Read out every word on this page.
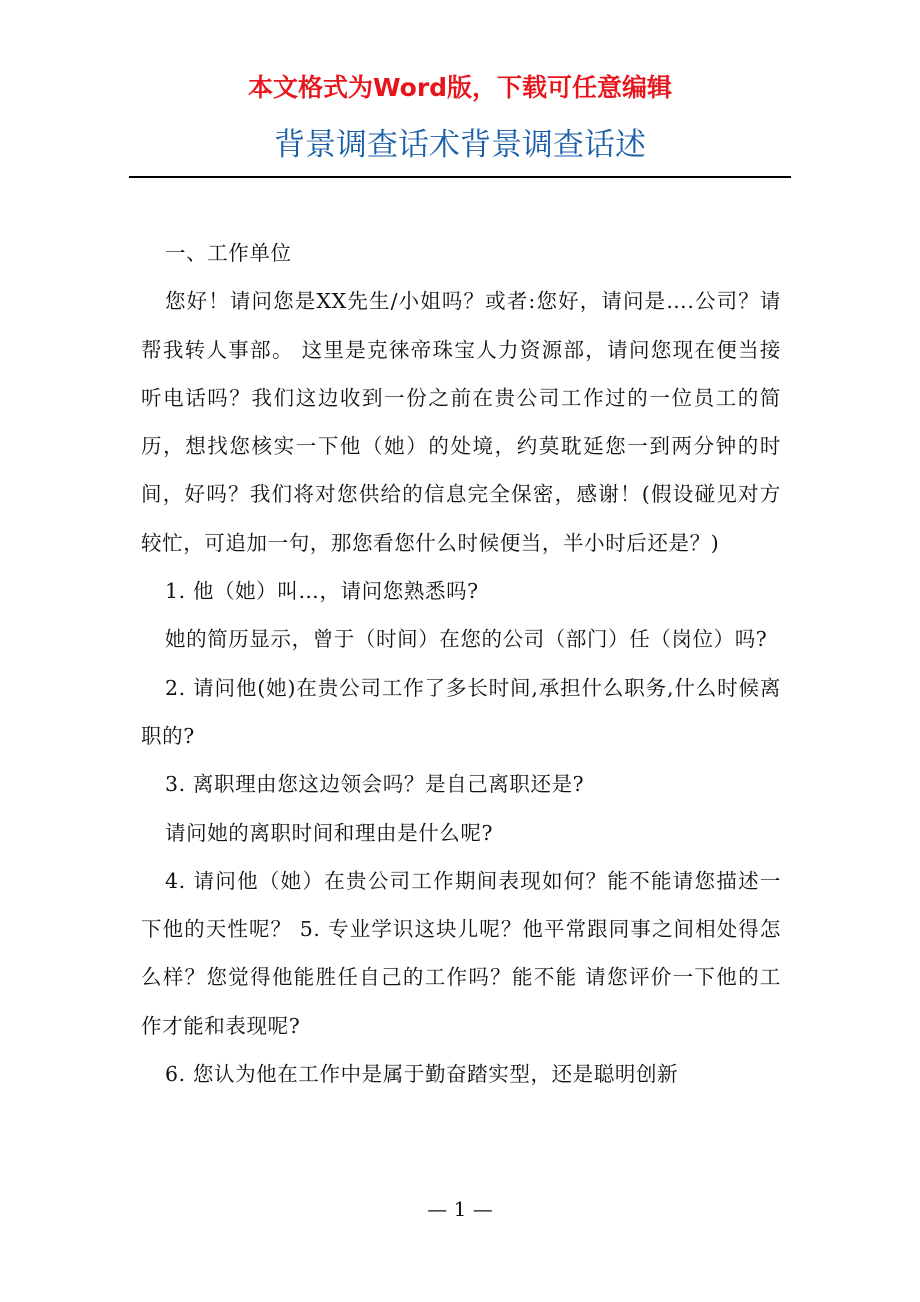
本文格式为Word版，下载可任意编辑
背景调查话术背景调查话述

一、工作单位

您好！请问您是XX先生/小姐吗？或者:您好，请问是….公司？请帮我转人事部。 这里是克徕帝珠宝人力资源部，请问您现在便当接听电话吗？我们这边收到一份之前在贵公司工作过的一位员工的简历，想找您核实一下他（她）的处境，约莫耽延您一到两分钟的时间，好吗？我们将对您供给的信息完全保密，感谢！(假设碰见对方较忙，可追加一句，那您看您什么时候便当，半小时后还是？)

1. 他（她）叫…，请问您熟悉吗?

她的简历显示，曾于（时间）在您的公司（部门）任（岗位）吗?

2. 请问他(她)在贵公司工作了多长时间,承担什么职务,什么时候离职的?

3. 离职理由您这边领会吗？是自己离职还是?

请问她的离职时间和理由是什么呢?

4. 请问他（她）在贵公司工作期间表现如何？能不能请您描述一下他的天性呢？ 5. 专业学识这块儿呢？他平常跟同事之间相处得怎么样？您觉得他能胜任自己的工作吗？能不能 请您评价一下他的工作才能和表现呢?

6. 您认为他在工作中是属于勤奋踏实型，还是聪明创新

— 1 —
